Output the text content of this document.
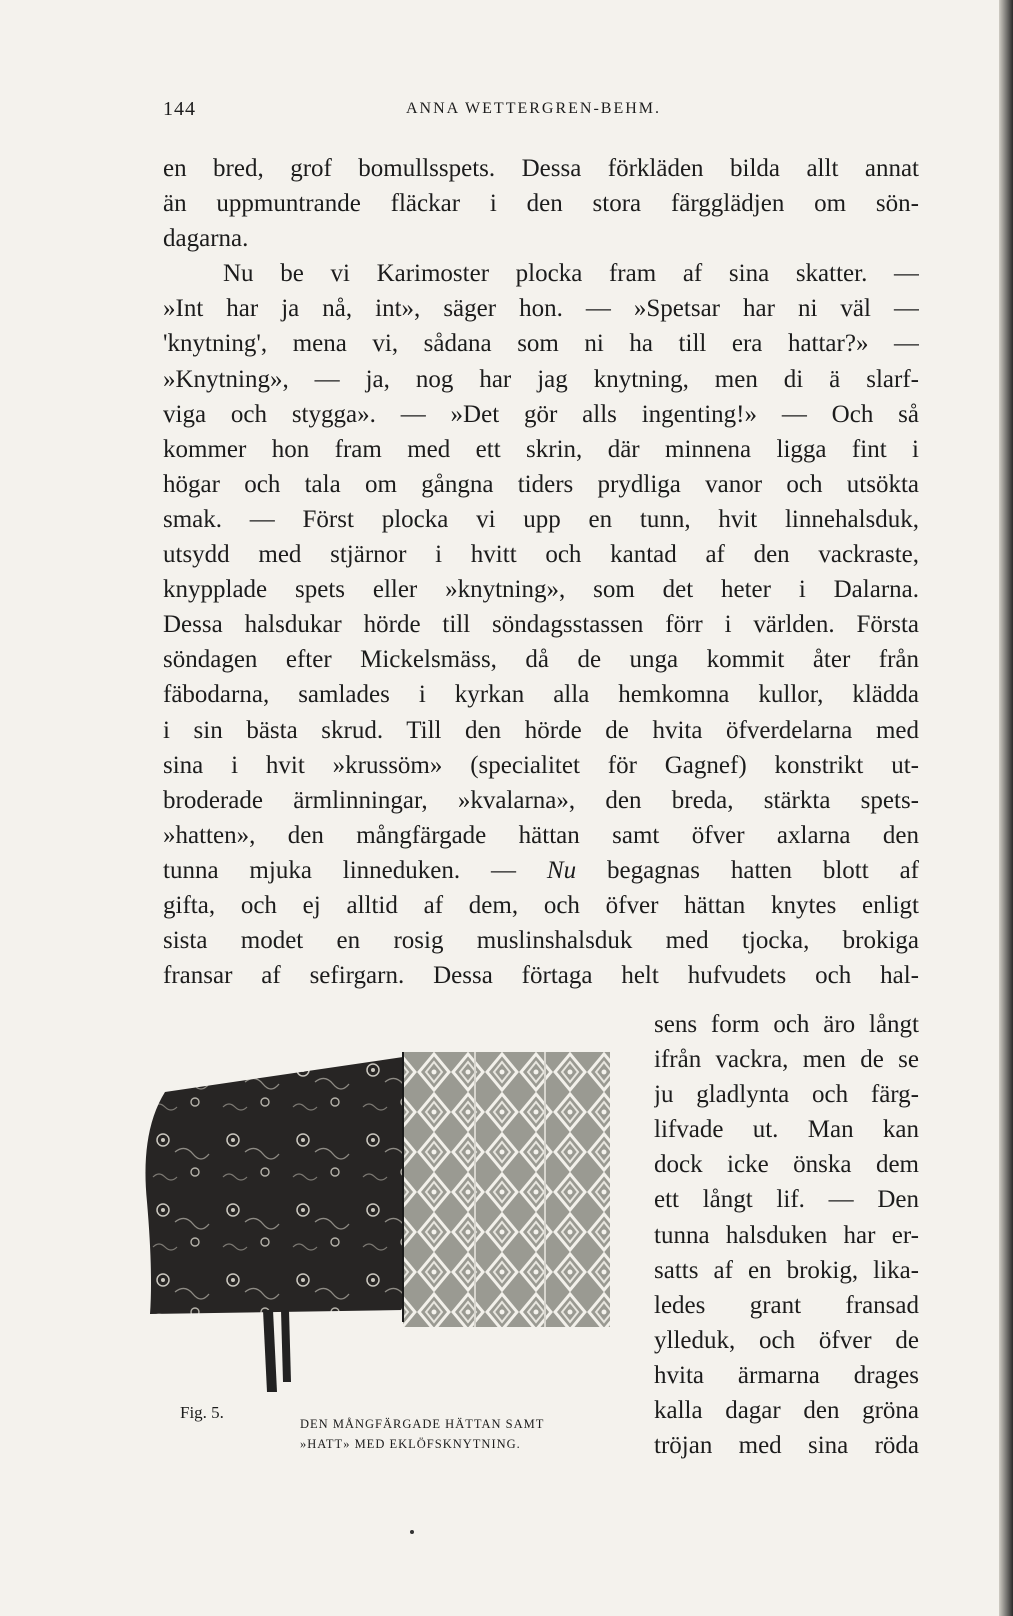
144	ANNA WETTERGREN-BEHM.
en bred, grof bomullsspets. Dessa förkläden bilda allt annat
än uppmuntrande fläckar i den stora färgglädjen om sön-
dagarna.
Nu be vi Karimoster plocka fram af sina skatter. —
»Int har ja nå, int», säger hon. — »Spetsar har ni väl —
'knytning', mena vi, sådana som ni ha till era hattar?» —
»Knytning», — ja, nog har jag knytning, men di ä slarf-
viga och stygga». — »Det gör alls ingenting!» — Och så
kommer hon fram med ett skrin, där minnena ligga fint i
högar och tala om gångna tiders prydliga vanor och utsökta
smak. — Först plocka vi upp en tunn, hvit linnehalsduk,
utsydd med stjärnor i hvitt och kantad af den vackraste,
knypplade spets eller »knytning», som det heter i Dalarna.
Dessa halsdukar hörde till söndagsstassen förr i världen. Första
söndagen efter Mickelsmäss, då de unga kommit åter från
fäbodarna, samlades i kyrkan alla hemkomna kullor, klädda
i sin bästa skrud. Till den hörde de hvita öfverdelarna med
sina i hvit »krussöm» (specialitet för Gagnef) konstrikt ut-
broderade ärmlinningar, »kvalarna», den breda, stärkta spets-
»hatten», den mångfärgade hättan samt öfver axlarna den
tunna mjuka linneduken. — Nu begagnas hatten blott af
gifta, och ej alltid af dem, och öfver hättan knytes enligt
sista modet en rosig muslinshalsduk med tjocka, brokiga
fransar af sefirgarn. Dessa förtaga helt hufvudets och hal-
sens form och äro långt
ifrån vackra, men de se
ju gladlynta och färg-
lifvade ut. Man kan
dock icke önska dem
ett långt lif. — Den
tunna halsduken har er-
satts af en brokig, lika-
ledes grant fransad
ylleduk, och öfver de
hvita ärmarna drages
kalla dagar den gröna
tröjan med sina röda
Fig. 5.
DEN MÅNGFÄRGADE HÄTTAN SAMT
»HATT» MED EKLÖFSKNYTNING.
